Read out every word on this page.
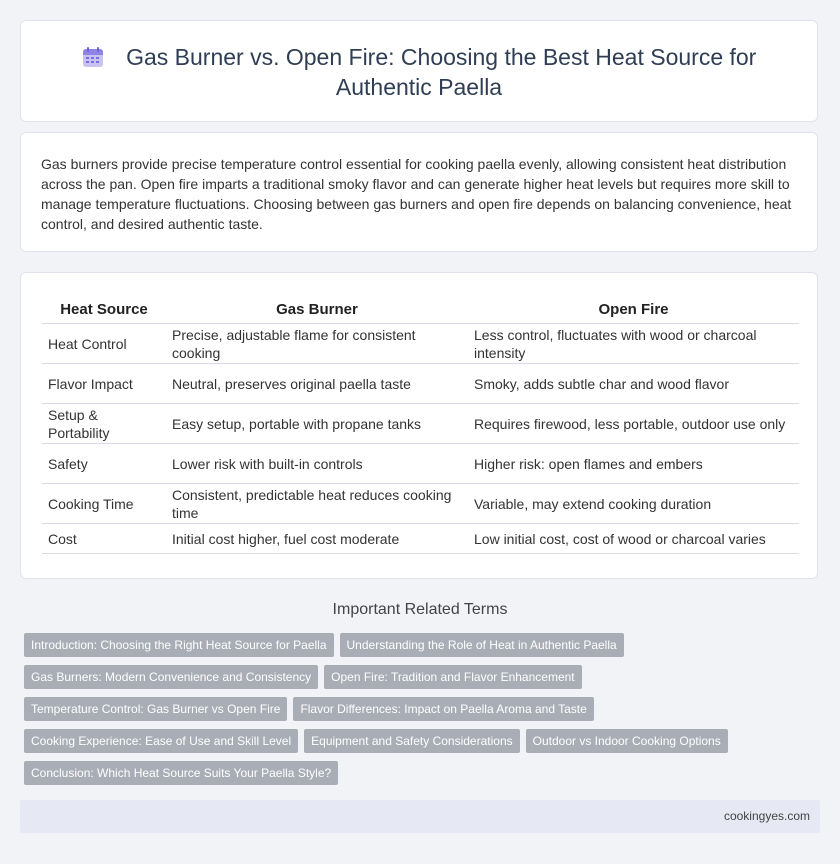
Gas Burner vs. Open Fire: Choosing the Best Heat Source for Authentic Paella

Gas burners provide precise temperature control essential for cooking paella evenly, allowing consistent heat distribution across the pan. Open fire imparts a traditional smoky flavor and can generate higher heat levels but requires more skill to manage temperature fluctuations. Choosing between gas burners and open fire depends on balancing convenience, heat control, and desired authentic taste.

Heat Source	Gas Burner	Open Fire
Heat Control	Precise, adjustable flame for consistent cooking	Less control, fluctuates with wood or charcoal intensity
Flavor Impact	Neutral, preserves original paella taste	Smoky, adds subtle char and wood flavor
Setup & Portability	Easy setup, portable with propane tanks	Requires firewood, less portable, outdoor use only
Safety	Lower risk with built-in controls	Higher risk: open flames and embers
Cooking Time	Consistent, predictable heat reduces cooking time	Variable, may extend cooking duration
Cost	Initial cost higher, fuel cost moderate	Low initial cost, cost of wood or charcoal varies
Important Related Terms
Introduction: Choosing the Right Heat Source for Paella Understanding the Role of Heat in Authentic Paella
Gas Burners: Modern Convenience and Consistency Open Fire: Tradition and Flavor Enhancement
Temperature Control: Gas Burner vs Open Fire Flavor Differences: Impact on Paella Aroma and Taste
Cooking Experience: Ease of Use and Skill Level Equipment and Safety Considerations Outdoor vs Indoor Cooking Options
Conclusion: Which Heat Source Suits Your Paella Style?
cookingyes.com
